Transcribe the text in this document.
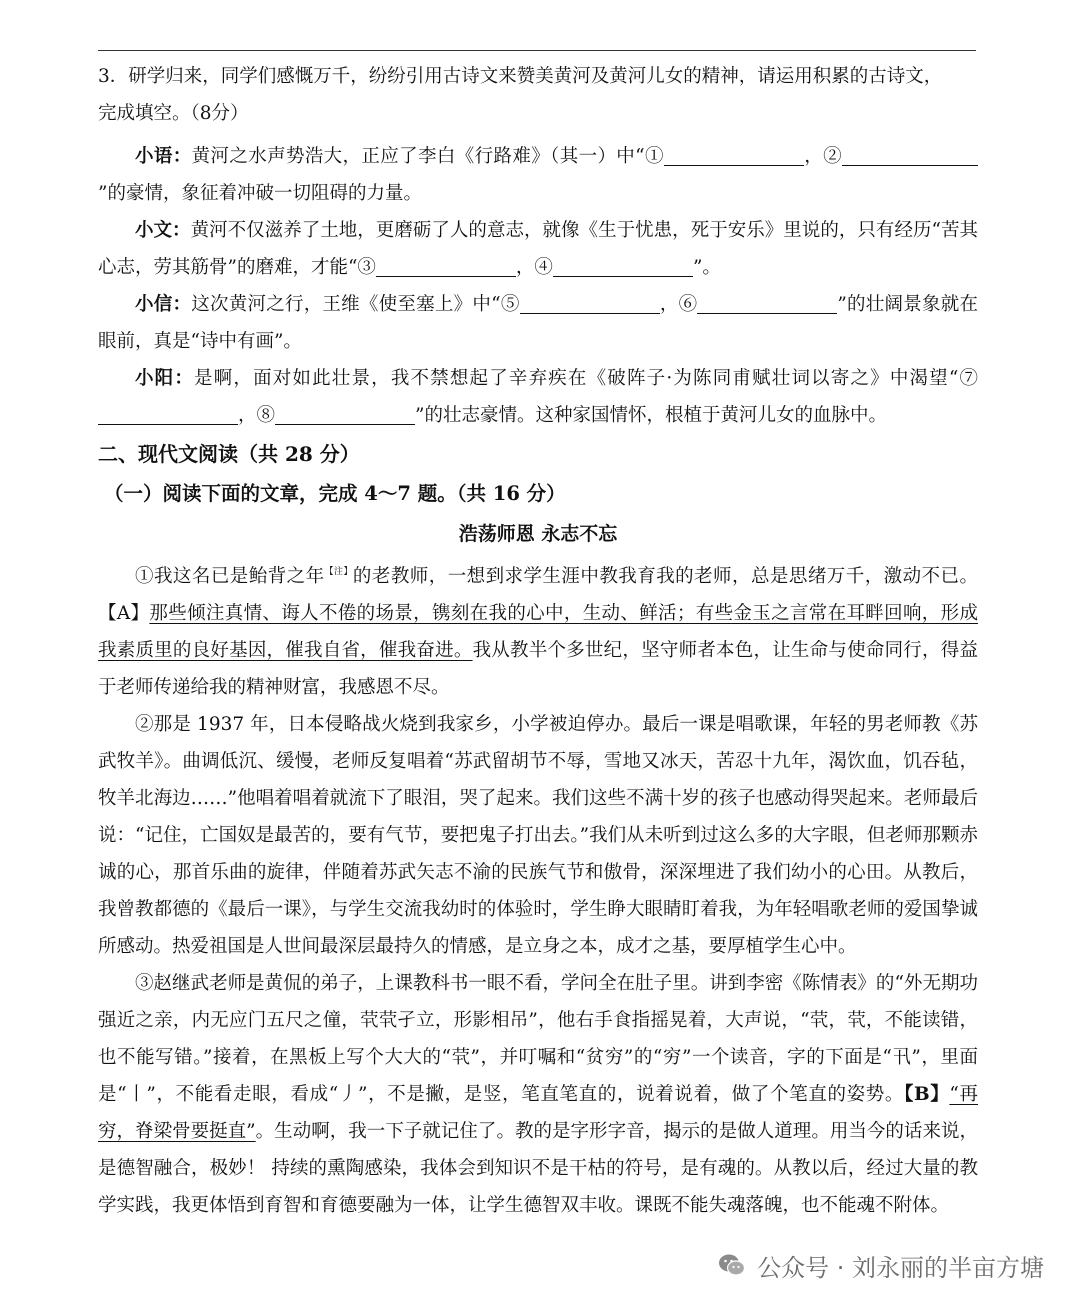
3．研学归来，同学们感慨万千，纷纷引用古诗文来赞美黄河及黄河儿女的精神，请运用积累的古诗文，
完成填空。（8分）

小语：黄河之水声势浩大，正应了李白《行路难》（其一）中“①	，②”的豪情，象征着冲破一切阻碍的力量。

小文：黄河不仅滋养了土地，更磨砺了人的意志，就像《生于忧患，死于安乐》里说的，只有经历“苦其心志，劳其筋骨”的磨难，才能“③	，④	”。

小信：这次黄河之行，王维《使至塞上》中“⑤	，⑥	”的壮阔景象就在眼前，真是“诗中有画”。

小阳：是啊，面对如此壮景，我不禁想起了辛弃疾在《破阵子·为陈同甫赋壮词以寄之》中渴望“⑦，⑧	”的壮志豪情。这种家国情怀，根植于黄河儿女的血脉中。

二、现代文阅读（共 28 分）

（一）阅读下面的文章，完成 4～7 题。（共 16 分）

浩荡师恩 永志不忘

①我这名已是鲐背之年$^{【注】}$的老教师，一想到求学生涯中教我育我的老师，总是思绪万千，激动不已。【A】那些倾注真情、诲人不倦的场景，镌刻在我的心中，生动、鲜活；有些金玉之言常在耳畔回响，形成我素质里的良好基因，催我自省，催我奋进。我从教半个多世纪，坚守师者本色，让生命与使命同行，得益于老师传递给我的精神财富，我感恩不尽。

②那是 1937 年，日本侵略战火烧到我家乡，小学被迫停办。最后一课是唱歌课，年轻的男老师教《苏武牧羊》。曲调低沉、缓慢，老师反复唱着“苏武留胡节不辱，雪地又冰天，苦忍十九年，渴饮血，饥吞毡，牧羊北海边……”他唱着唱着就流下了眼泪，哭了起来。我们这些不满十岁的孩子也感动得哭起来。老师最后说：“记住，亡国奴是最苦的，要有气节，要把鬼子打出去。”我们从未听到过这么多的大字眼，但老师那颗赤诚的心，那首乐曲的旋律，伴随着苏武矢志不渝的民族气节和傲骨，深深埋进了我们幼小的心田。从教后，我曾教都德的《最后一课》，与学生交流我幼时的体验时，学生睁大眼睛盯着我，为年轻唱歌老师的爱国挚诚所感动。热爱祖国是人世间最深层最持久的情感，是立身之本，成才之基，要厚植学生心中。

③赵继武老师是黄侃的弟子，上课教科书一眼不看，学问全在肚子里。讲到李密《陈情表》的“外无期功强近之亲，内无应门五尺之僮，茕茕孑立，形影相吊”，他右手食指摇晃着，大声说，“茕，茕，不能读错，也不能写错。”接着，在黑板上写个大大的“茕”，并叮嘱和“贫穷”的“穷”一个读音，字的下面是“卂”，里面是“丨”，不能看走眼，看成“丿”，不是撇，是竖，笔直笔直的，说着说着，做了个笔直的姿势。【B】“再穷，脊梁骨要挺直”。生动啊，我一下子就记住了。教的是字形字音，揭示的是做人道理。用当今的话来说，是德智融合，极妙！ 持续的熏陶感染，我体会到知识不是干枯的符号，是有魂的。从教以后，经过大量的教学实践，我更体悟到育智和育德要融为一体，让学生德智双丰收。课既不能失魂落魄，也不能魂不附体。

公众号 · 刘永丽的半亩方塘
